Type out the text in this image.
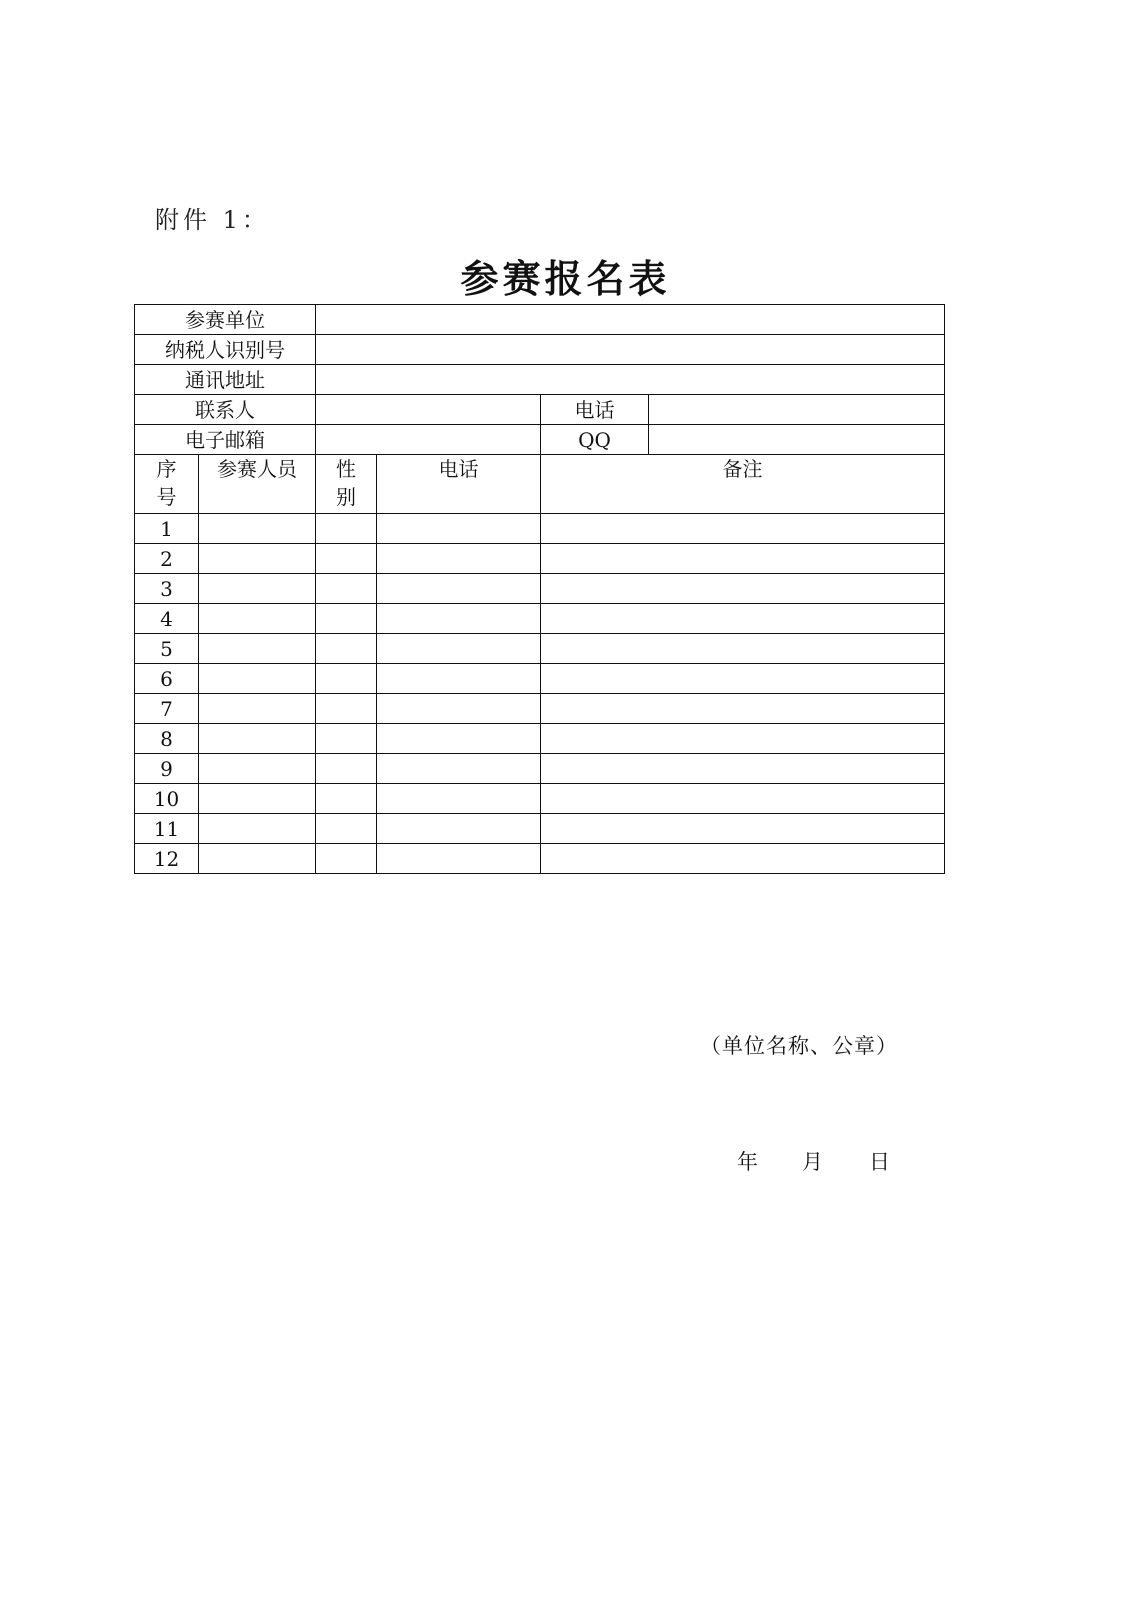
附件 1：
参赛报名表
参赛单位					
纳税人识别号					
通讯地址					
联系人				电话	
电子邮箱				QQ	

序号	参赛人员	性别	电话	备注	
1					
2					
3					
4					
5					
6					
7					
8					
9					
10					
11					
12					
（单位名称、公章）
年 月 日
